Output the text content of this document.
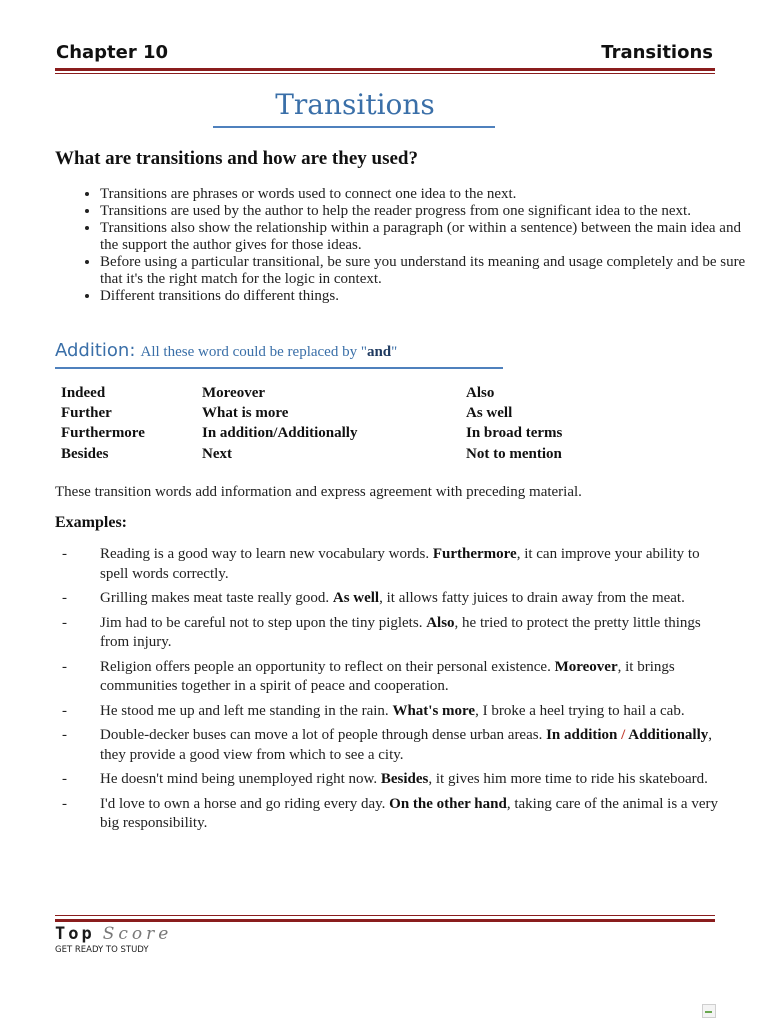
Chapter 10	Transitions
Transitions
What are transitions and how are they used?
• Transitions are phrases or words used to connect one idea to the next.
• Transitions are used by the author to help the reader progress from one significant idea to the next.
• Transitions also show the relationship within a paragraph (or within a sentence) between the main idea and the support the author gives for those ideas.
• Before using a particular transitional, be sure you understand its meaning and usage completely and be sure that it's the right match for the logic in context.
• Different transitions do different things.
Addition: All these word could be replaced by "and"
Indeed	Moreover	Also
Further	What is more	As well
Furthermore	In addition/Additionally	In broad terms
Besides	Next	Not to mention
These transition words add information and express agreement with preceding material.
Examples:
- Reading is a good way to learn new vocabulary words. Furthermore, it can improve your ability to spell words correctly.
- Grilling makes meat taste really good. As well, it allows fatty juices to drain away from the meat.
- Jim had to be careful not to step upon the tiny piglets. Also, he tried to protect the pretty little things from injury.
- Religion offers people an opportunity to reflect on their personal existence. Moreover, it brings communities together in a spirit of peace and cooperation.
- He stood me up and left me standing in the rain. What's more, I broke a heel trying to hail a cab.
- Double-decker buses can move a lot of people through dense urban areas. In addition / Additionally, they provide a good view from which to see a city.
- He doesn't mind being unemployed right now. Besides, it gives him more time to ride his skateboard.
- I'd love to own a horse and go riding every day. On the other hand, taking care of the animal is a very big responsibility.
Top Score
GET READY TO STUDY
